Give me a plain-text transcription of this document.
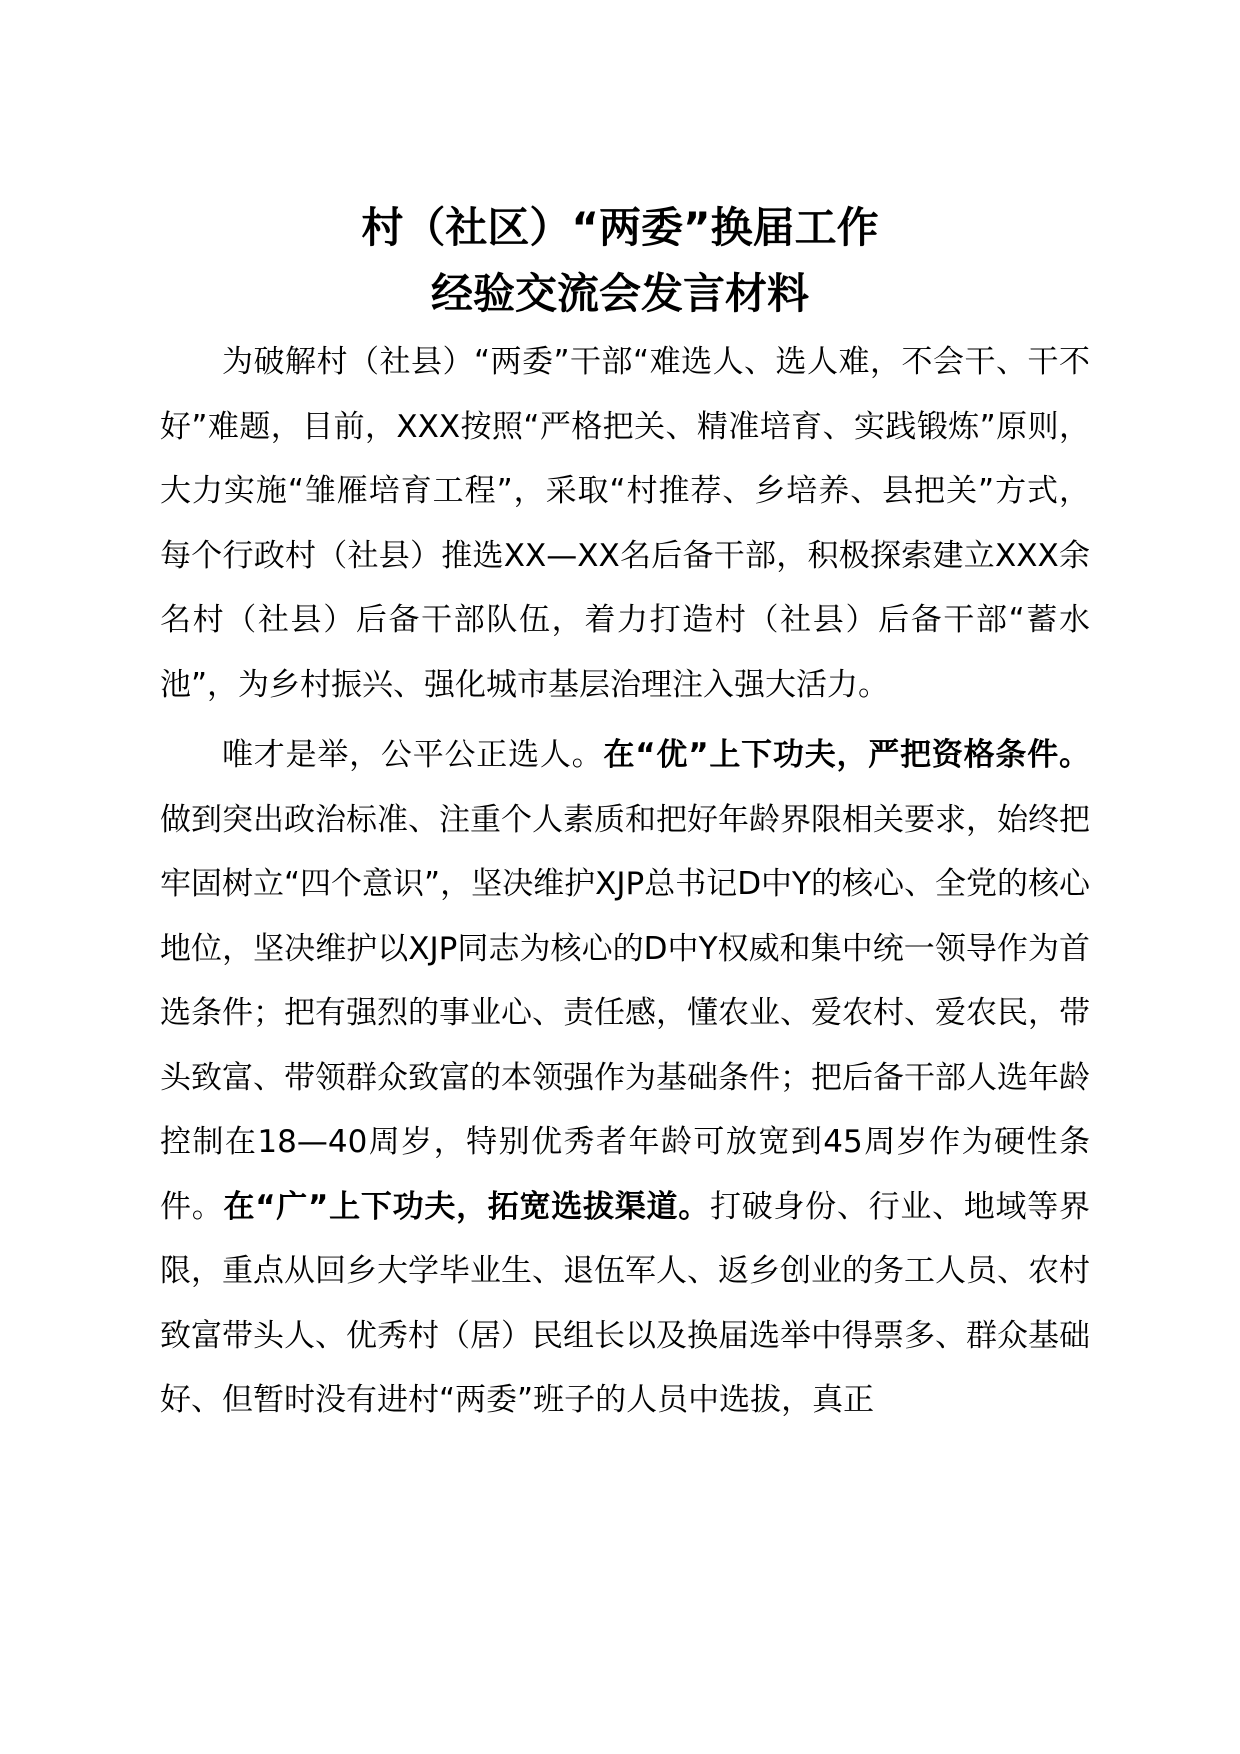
村（社区）“两委”换届工作
经验交流会发言材料

为破解村（社县）“两委”干部“难选人、选人难，不会干、干不好”难题，目前，XXX按照“严格把关、精准培育、实践锻炼”原则，大力实施“雏雁培育工程”，采取“村推荐、乡培养、县把关”方式，每个行政村（社县）推选XX—XX名后备干部，积极探索建立XXX余名村（社县）后备干部队伍，着力打造村（社县）后备干部“蓄水池”，为乡村振兴、强化城市基层治理注入强大活力。

唯才是举，公平公正选人。在“优”上下功夫，严把资格条件。做到突出政治标准、注重个人素质和把好年龄界限相关要求，始终把牢固树立“四个意识”，坚决维护XJP总书记D中Y的核心、全党的核心地位，坚决维护以XJP同志为核心的D中Y权威和集中统一领导作为首选条件；把有强烈的事业心、责任感，懂农业、爱农村、爱农民，带头致富、带领群众致富的本领强作为基础条件；把后备干部人选年龄控制在18—40周岁，特别优秀者年龄可放宽到45周岁作为硬性条件。在“广”上下功夫，拓宽选拔渠道。打破身份、行业、地域等界限，重点从回乡大学毕业生、退伍军人、返乡创业的务工人员、农村致富带头人、优秀村（居）民组长以及换届选举中得票多、群众基础好、但暂时没有进村“两委”班子的人员中选拔，真正
